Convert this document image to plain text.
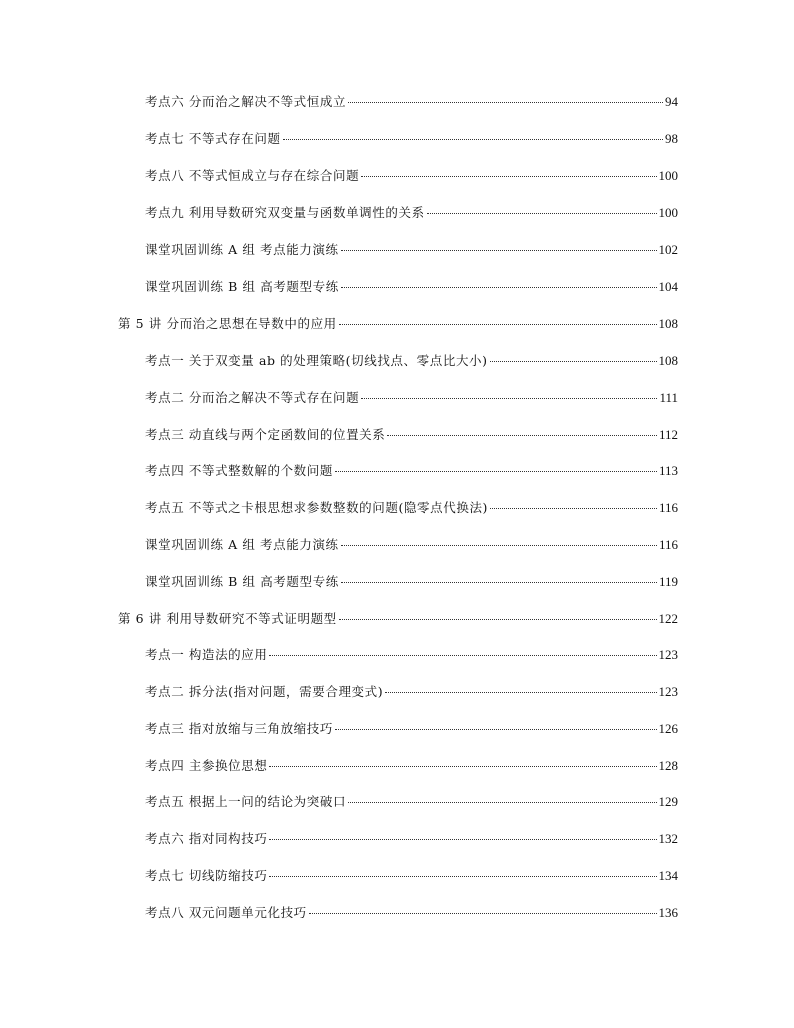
考点六 分而治之解决不等式恒成立	94
考点七 不等式存在问题	98
考点八 不等式恒成立与存在综合问题	100
考点九 利用导数研究双变量与函数单调性的关系	100
课堂巩固训练 A 组 考点能力演练	102
课堂巩固训练 B 组 高考题型专练	104
第 5 讲 分而治之思想在导数中的应用	108
考点一 关于双变量 ab 的处理策略(切线找点、零点比大小)	108
考点二 分而治之解决不等式存在问题	111
考点三 动直线与两个定函数间的位置关系	112
考点四 不等式整数解的个数问题	113
考点五 不等式之卡根思想求参数整数的问题(隐零点代换法)	116
课堂巩固训练 A 组 考点能力演练	116
课堂巩固训练 B 组 高考题型专练	119
第 6 讲 利用导数研究不等式证明题型	122
考点一 构造法的应用	123
考点二 拆分法(指对问题，需要合理变式)	123
考点三 指对放缩与三角放缩技巧	126
考点四 主参换位思想	128
考点五 根据上一问的结论为突破口	129
考点六 指对同构技巧	132
考点七 切线防缩技巧	134
考点八 双元问题单元化技巧	136
